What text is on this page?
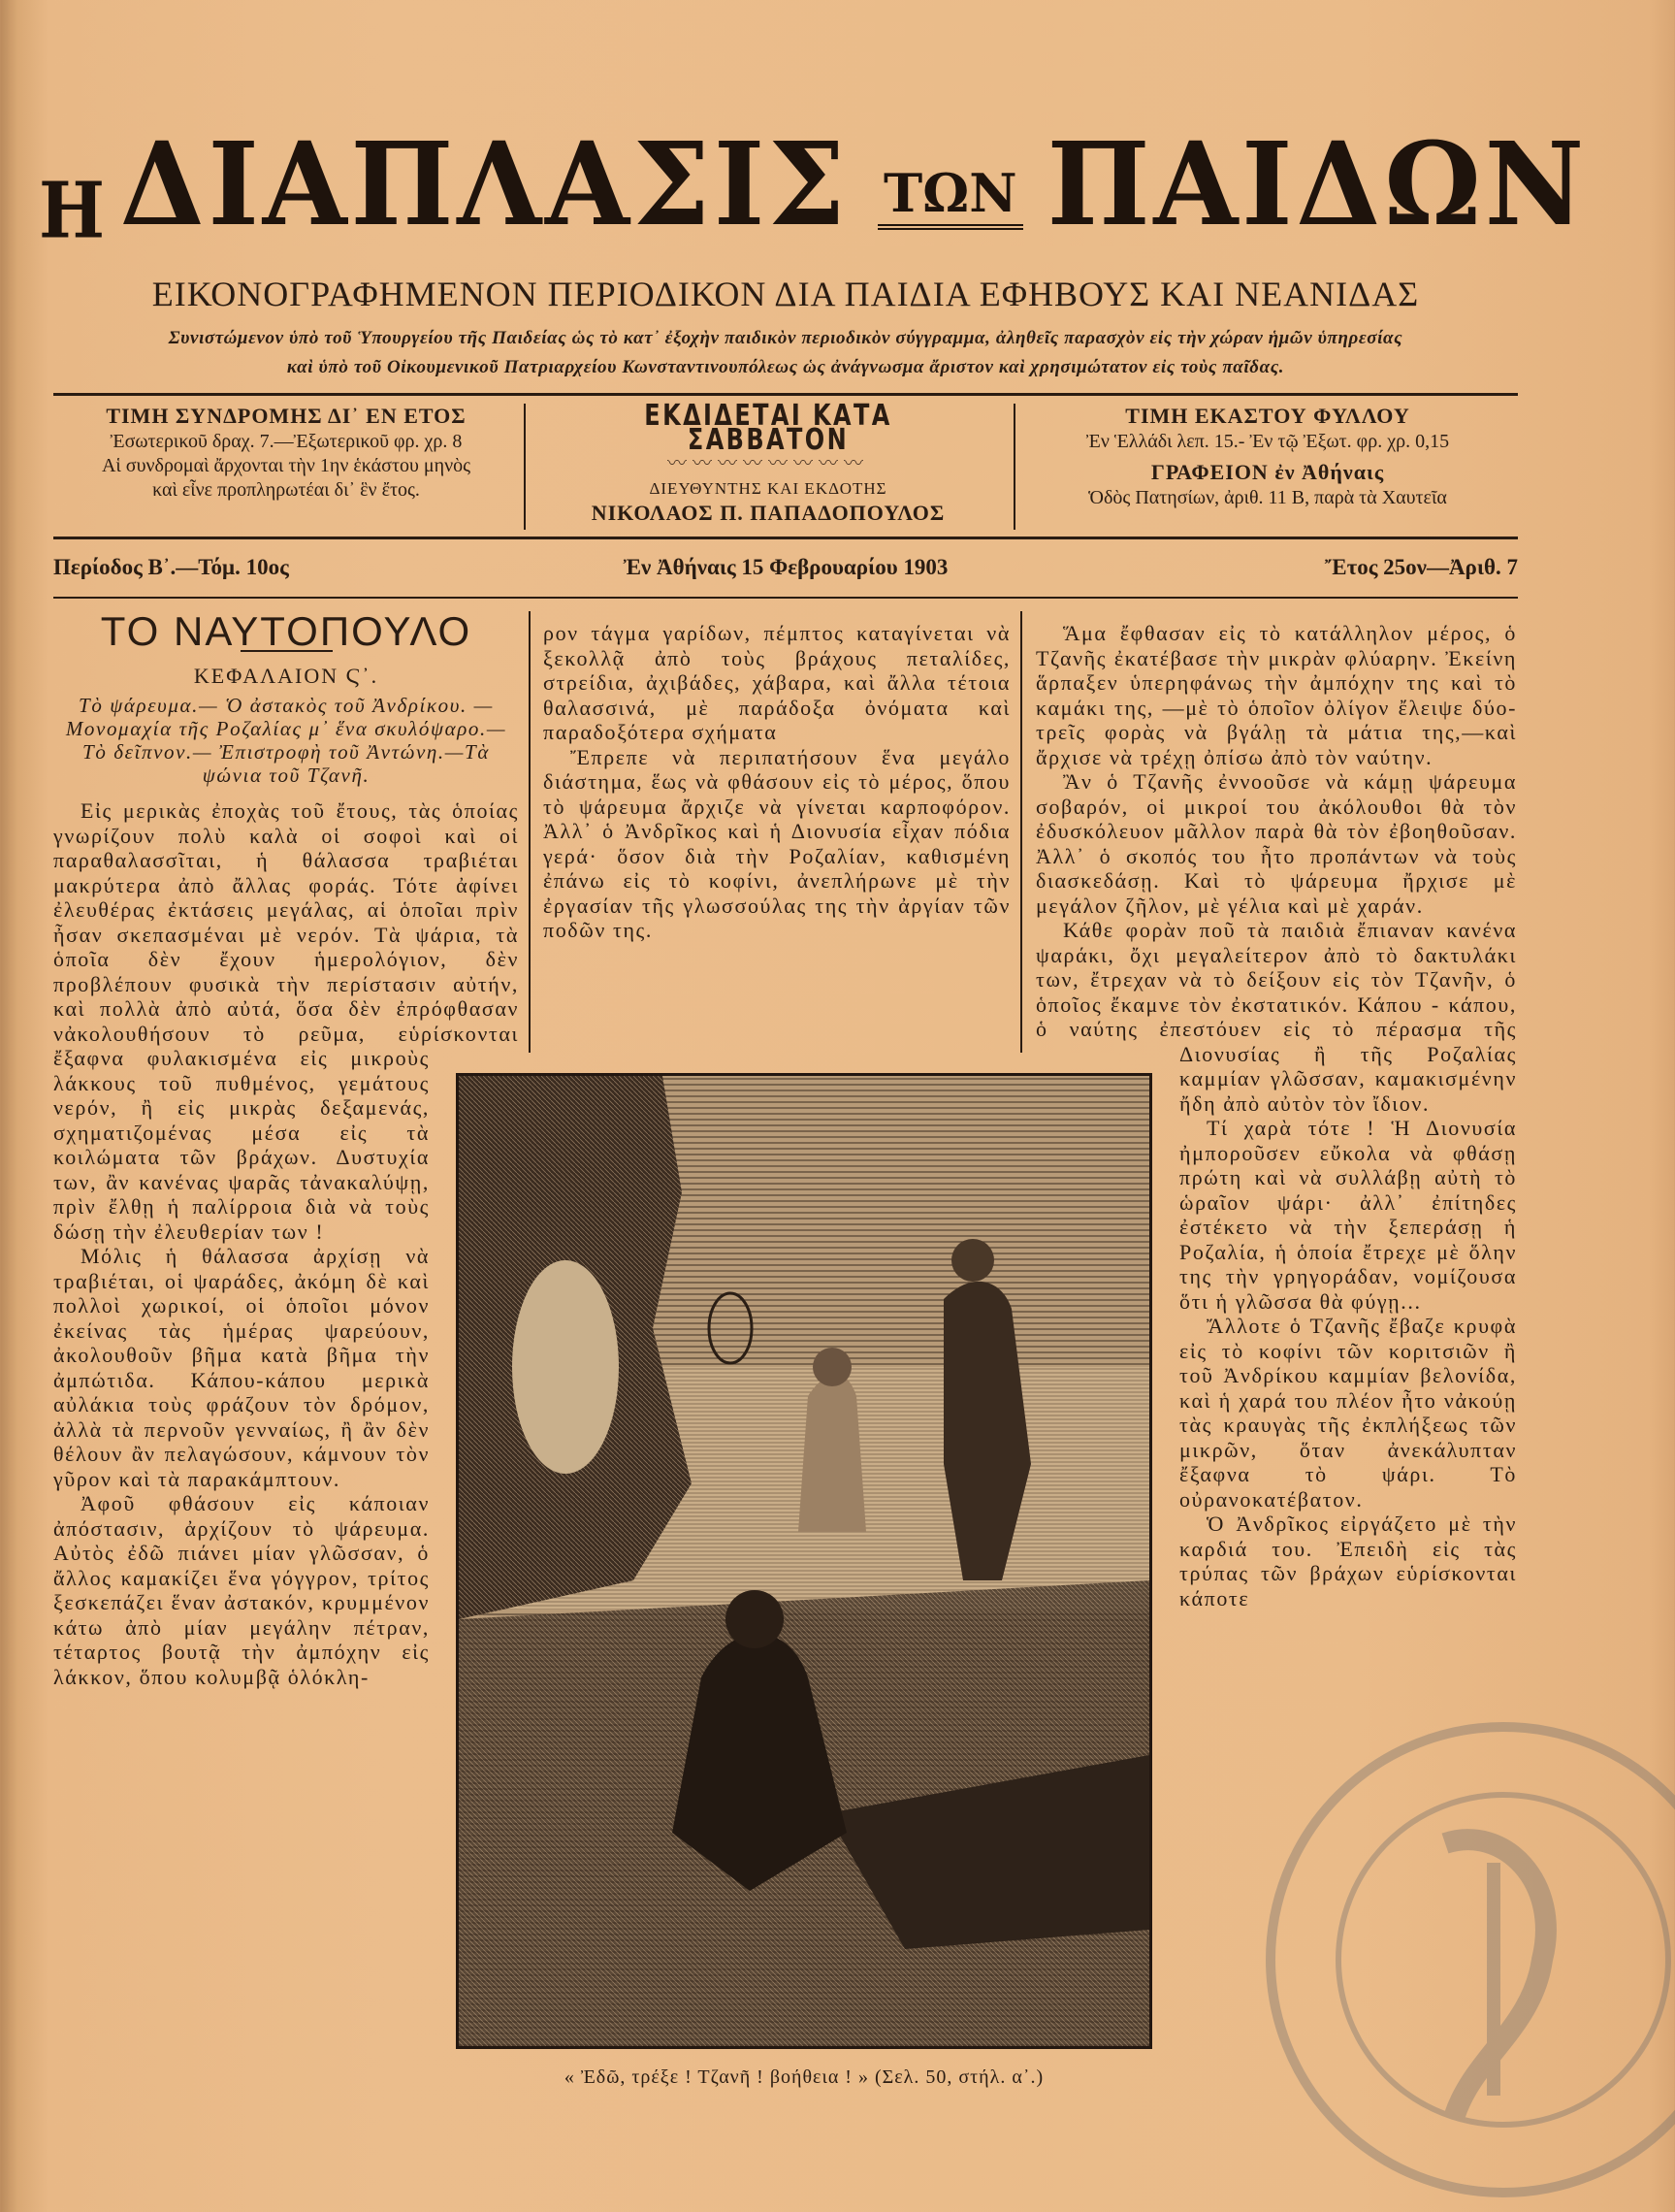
Η ΔΙΑΠΛΑΣΙΣ ΤΩΝ ΠΑΙΔΩΝ
ΕΙΚΟΝΟΓΡΑΦΗΜΕΝΟΝ ΠΕΡΙΟΔΙΚΟΝ ΔΙΑ ΠΑΙΔΙΑ ΕΦΗΒΟΥΣ ΚΑΙ ΝΕΑΝΙΔΑΣ
Συνιστώμενον ὑπὸ τοῦ Ὑπουργείου τῆς Παιδείας ὡς τὸ κατ᾽ ἐξοχὴν παιδικὸν περιοδικὸν σύγγραμμα, ἀληθεῖς παρασχὸν εἰς τὴν χώραν ἡμῶν ὑπηρεσίας
καὶ ὑπὸ τοῦ Οἰκουμενικοῦ Πατριαρχείου Κωνσταντινουπόλεως ὡς ἀνάγνωσμα ἄριστον καὶ χρησιμώτατον εἰς τοὺς παῖδας.
ΤΙΜΗ ΣΥΝΔΡΟΜΗΣ ΔΙ᾽ ΕΝ ΕΤΟΣ
Ἐσωτερικοῦ δραχ. 7.—Ἐξωτερικοῦ φρ. χρ. 8
Αἱ συνδρομαὶ ἄρχονται τὴν 1ην ἑκάστου μηνὸς
καὶ εἶνε προπληρωτέαι δι᾽ ἓν ἔτος.
ΕΚΔΙΔΕΤΑΙ ΚΑΤΑ ΣΑΒΒΑΤΟΝ
〰〰〰〰〰〰〰〰
ΔΙΕΥΘΥΝΤΗΣ ΚΑΙ ΕΚΔΟΤΗΣ
ΝΙΚΟΛΑΟΣ Π. ΠΑΠΑΔΟΠΟΥΛΟΣ
ΤΙΜΗ ΕΚΑΣΤΟΥ ΦΥΛΛΟΥ
Ἐν Ἑλλάδι λεπ. 15.- Ἐν τῷ Ἐξωτ. φρ. χρ. 0,15
ΓΡΑΦΕΙΟΝ ἐν Ἀθήναις
Ὁδὸς Πατησίων, ἀριθ. 11 Β, παρὰ τὰ Χαυτεῖα
Περίοδος Β᾽.—Τόμ. 10ος	Ἐν Ἀθήναις 15 Φεβρουαρίου 1903	Ἔτος 25ον—Ἀριθ. 7
ΤΟ ΝΑΥΤΟΠΟΥΛΟ
ΚΕΦΑΛΑΙΟΝ Ϛ᾽.
Τὸ ψάρευμα.— Ὁ ἀστακὸς τοῦ Ἀνδρίκου. — Μονομαχία τῆς Ροζαλίας μ᾽ ἕνα σκυλόψαρο.— Τὸ δεῖπνον.— Ἐπιστροφὴ τοῦ Ἀντώνη.—Τὰ ψώνια τοῦ Τζανῆ.

Εἰς μερικὰς ἐποχὰς τοῦ ἔτους, τὰς ὁποίας γνωρίζουν πολὺ καλὰ οἱ σοφοὶ καὶ οἱ παραθαλασσῖται, ἡ θάλασσα τραβιέται μακρύτερα ἀπὸ ἄλλας φοράς. Τότε ἀφίνει ἐλευθέρας ἐκτάσεις μεγάλας, αἱ ὁποῖαι πρὶν ἦσαν σκεπασμέναι μὲ νερόν. Τὰ ψάρια, τὰ ὁποῖα δὲν ἔχουν ἡμερολόγιον, δὲν προβλέπουν φυσικὰ τὴν περίστασιν αὐτήν, καὶ πολλὰ ἀπὸ αὐτά, ὅσα δὲν ἐπρόφθασαν νἀκολουθήσουν τὸ ρεῦμα, εὑρίσκονται ἔξαφνα φυλακισμένα εἰς μικροὺς λάκκους τοῦ πυθμένος, γεμάτους νερόν, ἢ εἰς μικρὰς δεξαμενάς, σχηματιζομένας μέσα εἰς τὰ κοιλώματα τῶν βράχων. Δυστυχία των, ἂν κανένας ψαρᾶς τἀνακαλύψῃ, πρὶν ἔλθῃ ἡ παλίρροια διὰ νὰ τοὺς δώσῃ τὴν ἐλευθερίαν των !

Μόλις ἡ θάλασσα ἀρχίσῃ νὰ τραβιέται, οἱ ψαράδες, ἀκόμη δὲ καὶ πολλοὶ χωρικοί, οἱ ὁποῖοι μόνον ἐκείνας τὰς ἡμέρας ψαρεύουν, ἀκολουθοῦν βῆμα κατὰ βῆμα τὴν ἀμπώτιδα. Κάπου-κάπου μερικὰ αὐλάκια τοὺς φράζουν τὸν δρόμον, ἀλλὰ τὰ περνοῦν γενναίως, ἢ ἂν δὲν θέλουν ἂν πελαγώσουν, κάμνουν τὸν γῦρον καὶ τὰ παρακάμπτουν.

Ἀφοῦ φθάσουν εἰς κάποιαν ἀπόστασιν, ἀρχίζουν τὸ ψάρευμα. Αὐτὸς ἐδῶ πιάνει μίαν γλῶσσαν, ὁ ἄλλος καμακίζει ἕνα γόγγρον, τρίτος ξεσκεπάζει ἕναν ἀστακόν, κρυμμένον κάτω ἀπὸ μίαν μεγάλην πέτραν, τέταρτος βουτᾷ τὴν ἀμπόχην εἰς λάκκον, ὅπου κολυμβᾷ ὁλόκλη-

ρον τάγμα γαρίδων, πέμπτος καταγίνεται νὰ ξεκολλᾷ ἀπὸ τοὺς βράχους πεταλίδες, στρείδια, ἀχιβάδες, χάβαρα, καὶ ἄλλα τέτοια θαλασσινά, μὲ παράδοξα ὀνόματα καὶ παραδοξότερα σχήματα

Ἔπρεπε νὰ περιπατήσουν ἕνα μεγάλο διάστημα, ἕως νὰ φθάσουν εἰς τὸ μέρος, ὅπου τὸ ψάρευμα ἄρχιζε νὰ γίνεται καρποφόρον. Ἀλλ᾽ ὁ Ἀνδρῖκος καὶ ἡ Διονυσία εἶχαν πόδια γερά· ὅσον διὰ τὴν Ροζαλίαν, καθισμένη ἐπάνω εἰς τὸ κοφίνι, ἀνεπλήρωνε μὲ τὴν ἐργασίαν τῆς γλωσσούλας της τὴν ἀργίαν τῶν ποδῶν της.

Ἅμα ἔφθασαν εἰς τὸ κατάλληλον μέρος, ὁ Τζανῆς ἐκατέβασε τὴν μικρὰν φλύαρην. Ἐκείνη ἅρπαξεν ὑπερηφάνως τὴν ἀμπόχην της καὶ τὸ καμάκι της, —μὲ τὸ ὁποῖον ὀλίγον ἔλειψε δύο-τρεῖς φορὰς νὰ βγάλῃ τὰ μάτια της,—καὶ ἄρχισε νὰ τρέχῃ ὀπίσω ἀπὸ τὸν ναύτην.

Ἂν ὁ Τζανῆς ἐννοοῦσε νὰ κάμῃ ψάρευμα σοβαρόν, οἱ μικροί του ἀκόλουθοι θὰ τὸν ἐδυσκόλευον μᾶλλον παρὰ θὰ τὸν ἐβοηθοῦσαν. Ἀλλ᾽ ὁ σκοπός του ἦτο προπάντων νὰ τοὺς διασκεδάσῃ. Καὶ τὸ ψάρευμα ἤρχισε μὲ μεγάλον ζῆλον, μὲ γέλια καὶ μὲ χαράν.

Κάθε φορὰν ποῦ τὰ παιδιὰ ἔπιαναν κανένα ψαράκι, ὄχι μεγαλείτερον ἀπὸ τὸ δακτυλάκι των, ἔτρεχαν νὰ τὸ δείξουν εἰς τὸν Τζανῆν, ὁ ὁποῖος ἔκαμνε τὸν ἐκστατικόν. Κάπου - κάπου, ὁ ναύτης ἐπεστόυεν εἰς τὸ πέρασμα τῆς Διονυσίας ἢ τῆς Ροζαλίας καμμίαν γλῶσσαν, καμακισμένην ἤδη ἀπὸ αὐτὸν τὸν ἴδιον.

Τί χαρὰ τότε ! Ἡ Διονυσία ἠμποροῦσεν εὔκολα νὰ φθάσῃ πρώτη καὶ νὰ συλλάβῃ αὐτὴ τὸ ὡραῖον ψάρι· ἀλλ᾽ ἐπίτηδες ἐστέκετο νὰ τὴν ξεπεράσῃ ἡ Ροζαλία, ἡ ὁποία ἔτρεχε μὲ ὅλην της τὴν γρηγοράδαν, νομίζουσα ὅτι ἡ γλῶσσα θὰ φύγῃ...

Ἄλλοτε ὁ Τζανῆς ἔβαζε κρυφὰ εἰς τὸ κοφίνι τῶν κοριτσιῶν ἢ τοῦ Ἀνδρίκου καμμίαν βελονίδα, καὶ ἡ χαρά του πλέον ἦτο νἀκούῃ τὰς κραυγὰς τῆς ἐκπλήξεως τῶν μικρῶν, ὅταν ἀνεκάλυπταν ἔξαφνα τὸ ψάρι. Τὸ οὐρανοκατέβατον.

Ὁ Ἀνδρῖκος εἰργάζετο μὲ τὴν καρδιά του. Ἐπειδὴ εἰς τὰς τρύπας τῶν βράχων εὑρίσκονται κάποτε

« Ἐδῶ, τρέξε ! Τζανῆ ! βοήθεια ! » (Σελ. 50, στήλ. α᾽.)
